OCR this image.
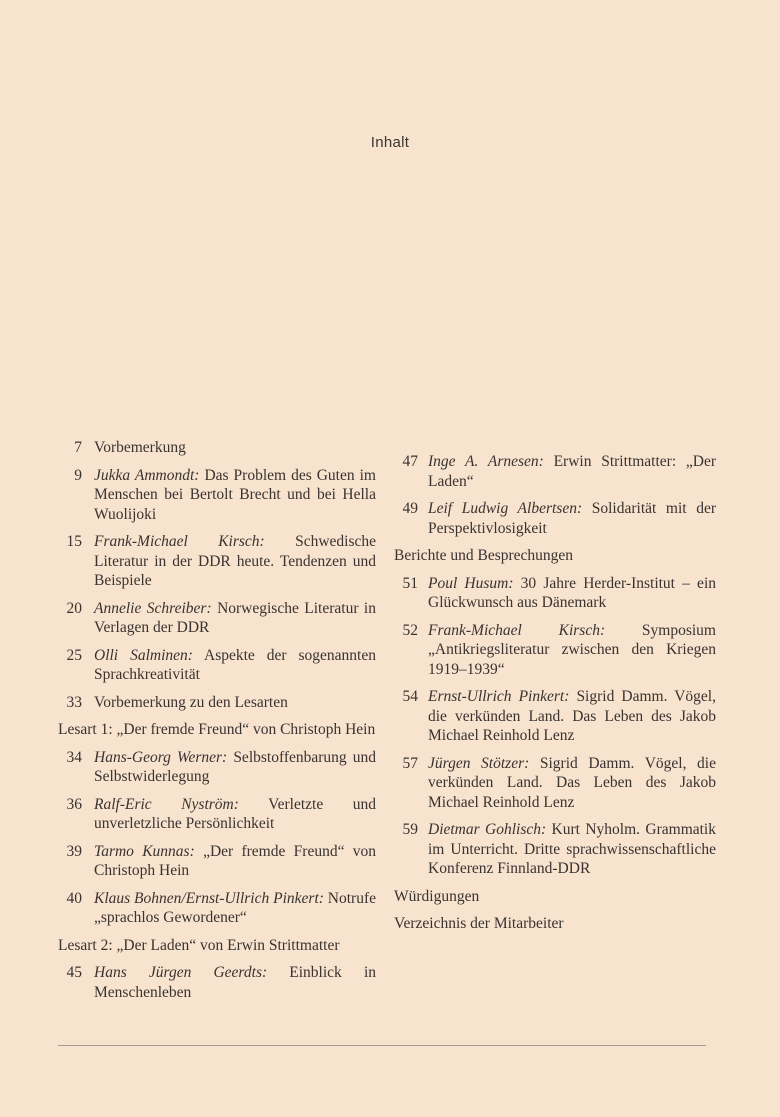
Inhalt
7 Vorbemerkung
9 Jukka Ammondt: Das Problem des Guten im Menschen bei Bertolt Brecht und bei Hella Wuolijoki
15 Frank-Michael Kirsch: Schwedische Literatur in der DDR heute. Tendenzen und Beispiele
20 Annelie Schreiber: Norwegische Literatur in Verlagen der DDR
25 Olli Salminen: Aspekte der sogenannten Sprachkreativität
33 Vorbemerkung zu den Lesarten
Lesart 1: „Der fremde Freund“ von Christoph Hein
34 Hans-Georg Werner: Selbstoffenbarung und Selbstwiderlegung
36 Ralf-Eric Nyström: Verletzte und unverletzliche Persönlichkeit
39 Tarmo Kunnas: „Der fremde Freund“ von Christoph Hein
40 Klaus Bohnen/Ernst-Ullrich Pinkert: Notrufe „sprachlos Gewordener“
Lesart 2: „Der Laden“ von Erwin Strittmatter
45 Hans Jürgen Geerdts: Einblick in Menschenleben
47 Inge A. Arnesen: Erwin Strittmatter: „Der Laden“
49 Leif Ludwig Albertsen: Solidarität mit der Perspektivlosigkeit
Berichte und Besprechungen
51 Poul Husum: 30 Jahre Herder-Institut – ein Glückwunsch aus Dänemark
52 Frank-Michael Kirsch: Symposium „Antikriegsliteratur zwischen den Kriegen 1919–1939“
54 Ernst-Ullrich Pinkert: Sigrid Damm. Vögel, die verkünden Land. Das Leben des Jakob Michael Reinhold Lenz
57 Jürgen Stötzer: Sigrid Damm. Vögel, die verkünden Land. Das Leben des Jakob Michael Reinhold Lenz
59 Dietmar Gohlisch: Kurt Nyholm. Grammatik im Unterricht. Dritte sprachwissenschaftliche Konferenz Finnland-DDR
Würdigungen
Verzeichnis der Mitarbeiter
